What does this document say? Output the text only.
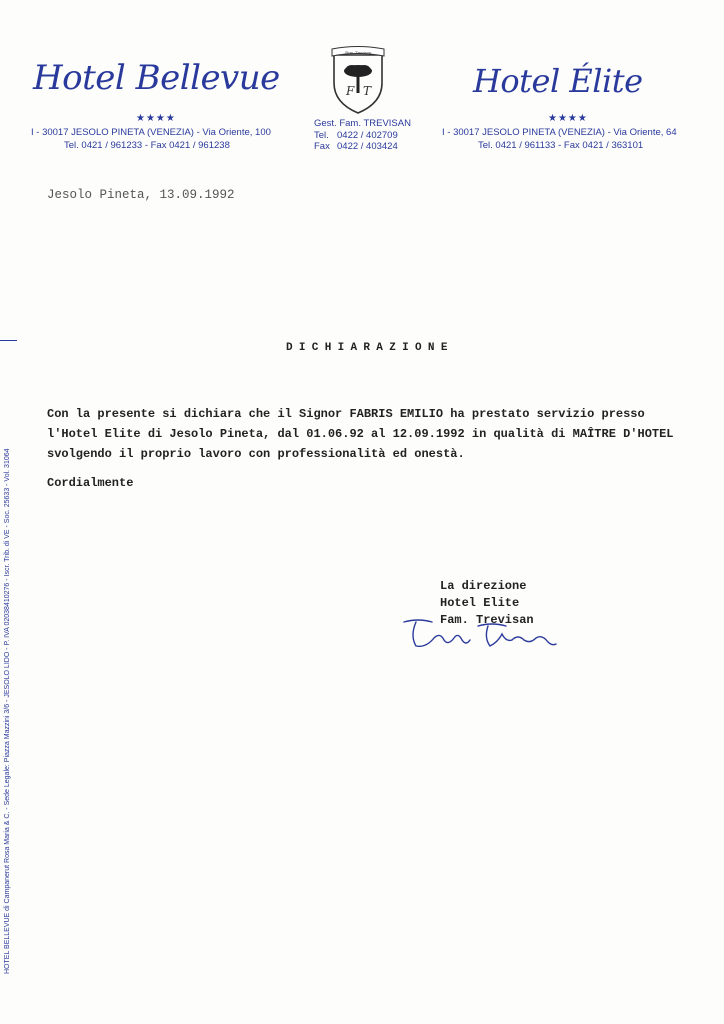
Hotel Bellevue
★★★★
I - 30017 JESOLO PINETA (VENEZIA) - Via Oriente, 100
Tel. 0421 / 961233 - Fax 0421 / 961238
Fam. Trevisan
F T
Gest. Fam. TREVISAN
Tel. 0422 / 402709
Fax 0422 / 403424
Hotel Élite
★★★★
I - 30017 JESOLO PINETA (VENEZIA) - Via Oriente, 64
Tel. 0421 / 961133 - Fax 0421 / 363101
Jesolo Pineta, 13.09.1992
DICHIARAZIONE
Con la presente si dichiara che il Signor FABRIS EMILIO ha prestato servizio presso
l'Hotel Elite di Jesolo Pineta, dal 01.06.92 al 12.09.1992 in qualità di MAÎTRE D'HOTEL
svolgendo il proprio lavoro con professionalità ed onestà.
Cordialmente
La direzione
Hotel Elite
Fam. Trevisan
HOTEL BELLEVUE di Campanerut Rosa Maria & C. - Sede Legale: Piazza Mazzini 3/6 - JESOLO LIDO - P. IVA 02038410276 - Iscr. Trib. di VE - Soc. 25633 - Vol. 31064
